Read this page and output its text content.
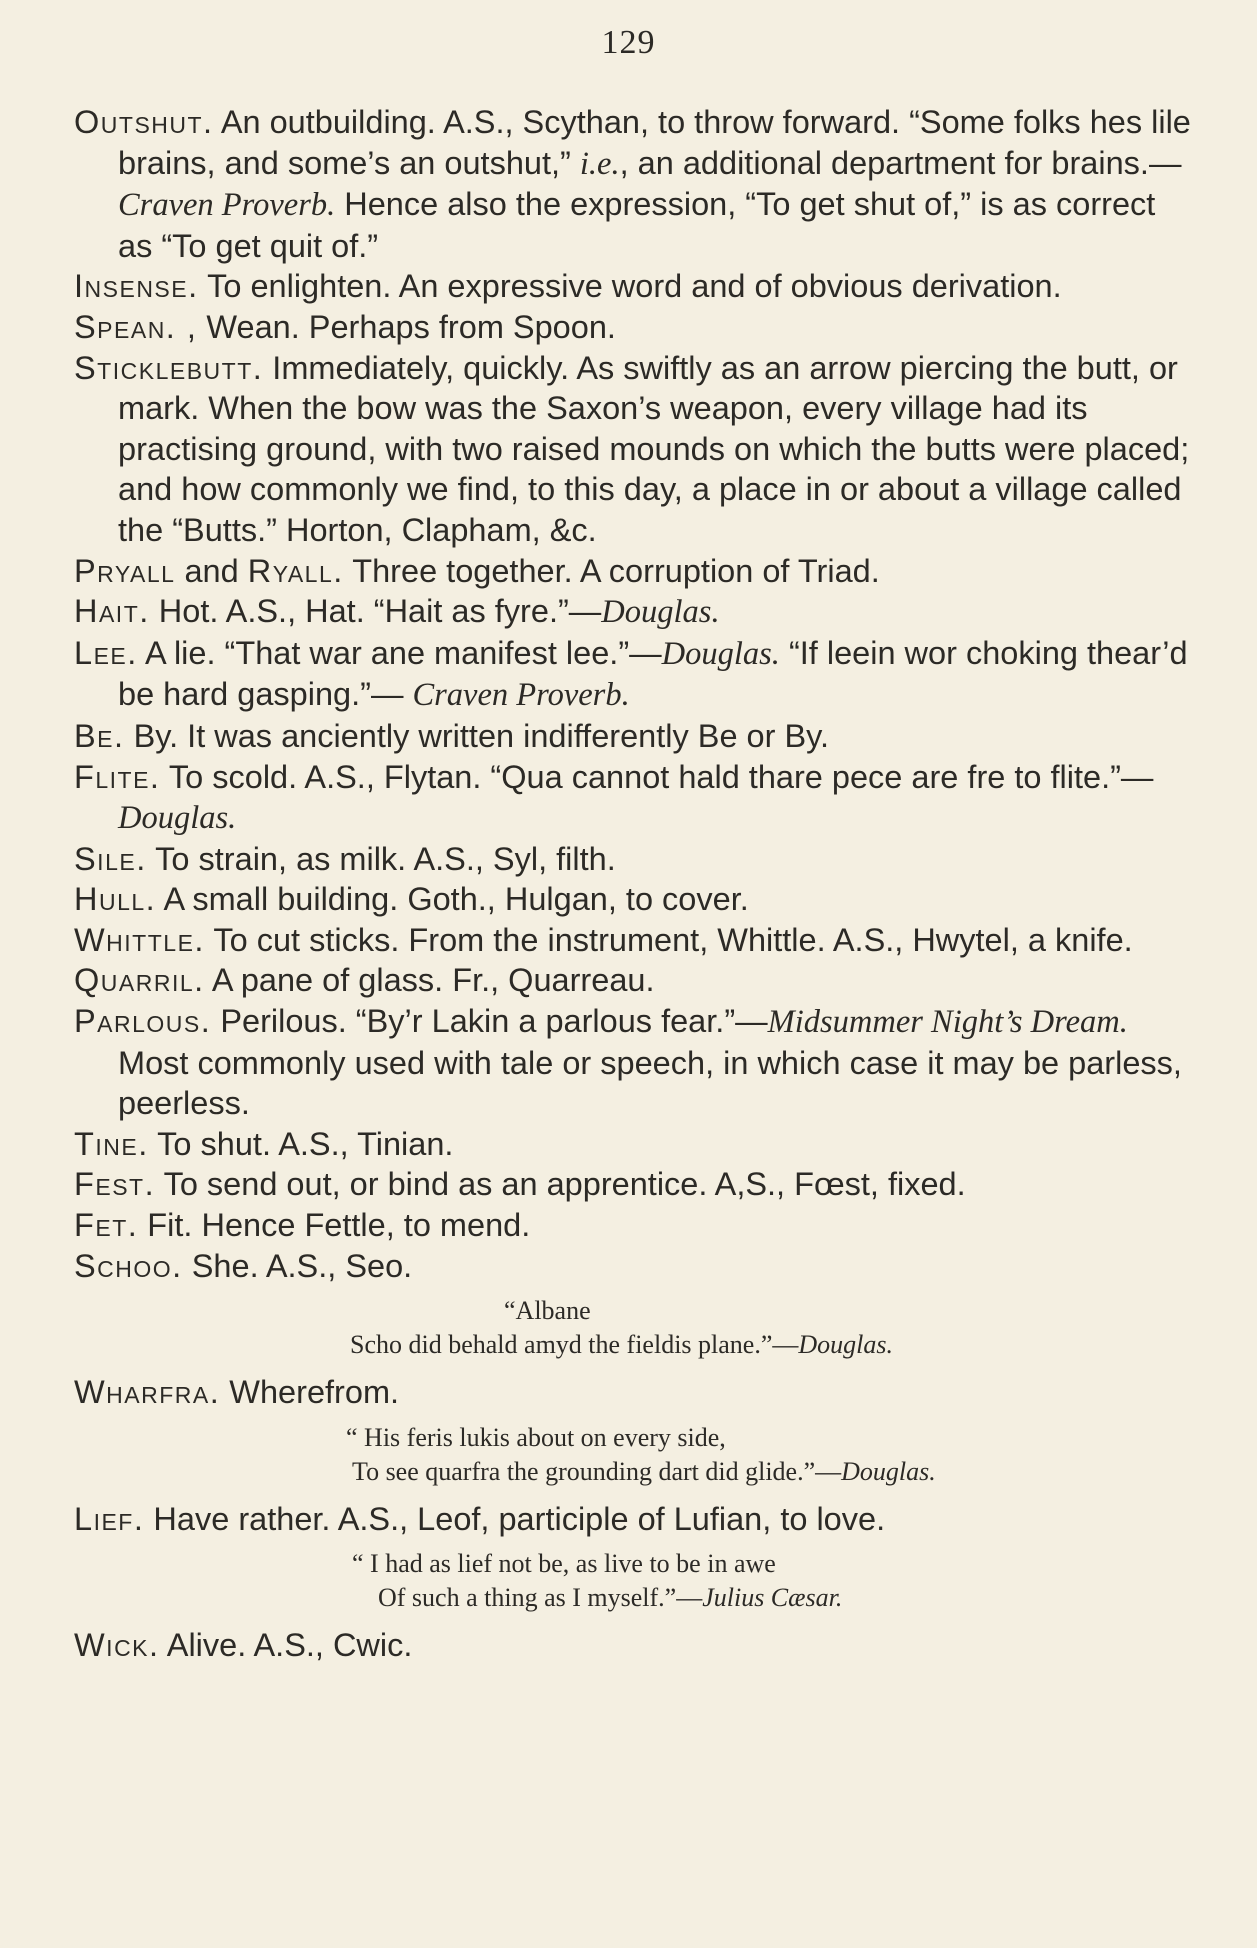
129

Outshut. An outbuilding. A.S., Scythan, to throw forward. “Some folks hes lile brains, and some’s an outshut,” i.e., an additional department for brains.— Craven Proverb. Hence also the expression, “To get shut of,” is as correct as “To get quit of.”

Insense. To enlighten. An expressive word and of obvious derivation.

Spean. , Wean. Perhaps from Spoon.

Sticklebutt. Immediately, quickly. As swiftly as an arrow piercing the butt, or mark. When the bow was the Saxon’s weapon, every village had its practising ground, with two raised mounds on which the butts were placed; and how commonly we find, to this day, a place in or about a village called the “Butts.” Horton, Clapham, &c.

Pryall and Ryall. Three together. A corruption of Triad.

Hait. Hot. A.S., Hat. “Hait as fyre.”—Douglas.

Lee. A lie. “That war ane manifest lee.”—Douglas. “If leein wor choking thear’d be hard gasping.”— Craven Proverb.

Be. By. It was anciently written indifferently Be or By.

Flite. To scold. A.S., Flytan. “Qua cannot hald thare pece are fre to flite.”—Douglas.

Sile. To strain, as milk. A.S., Syl, filth.

Hull. A small building. Goth., Hulgan, to cover.

Whittle. To cut sticks. From the instrument, Whittle. A.S., Hwytel, a knife.

Quarril. A pane of glass. Fr., Quarreau.

Parlous. Perilous. “By’r Lakin a parlous fear.”—Midsummer Night’s Dream. Most commonly used with tale or speech, in which case it may be parless, peerless.

Tine. To shut. A.S., Tinian.

Fest. To send out, or bind as an apprentice. A,S., Fœst, fixed.

Fet. Fit. Hence Fettle, to mend.

Schoo. She. A.S., Seo.

“Albane
Scho did behald amyd the fieldis plane.”—Douglas.

Wharfra. Wherefrom.

“ His feris lukis about on every side,
To see quarfra the grounding dart did glide.”—Douglas.

Lief. Have rather. A.S., Leof, participle of Lufian, to love.

“ I had as lief not be, as live to be in awe
Of such a thing as I myself.”—Julius Cæsar.

Wick. Alive. A.S., Cwic.
